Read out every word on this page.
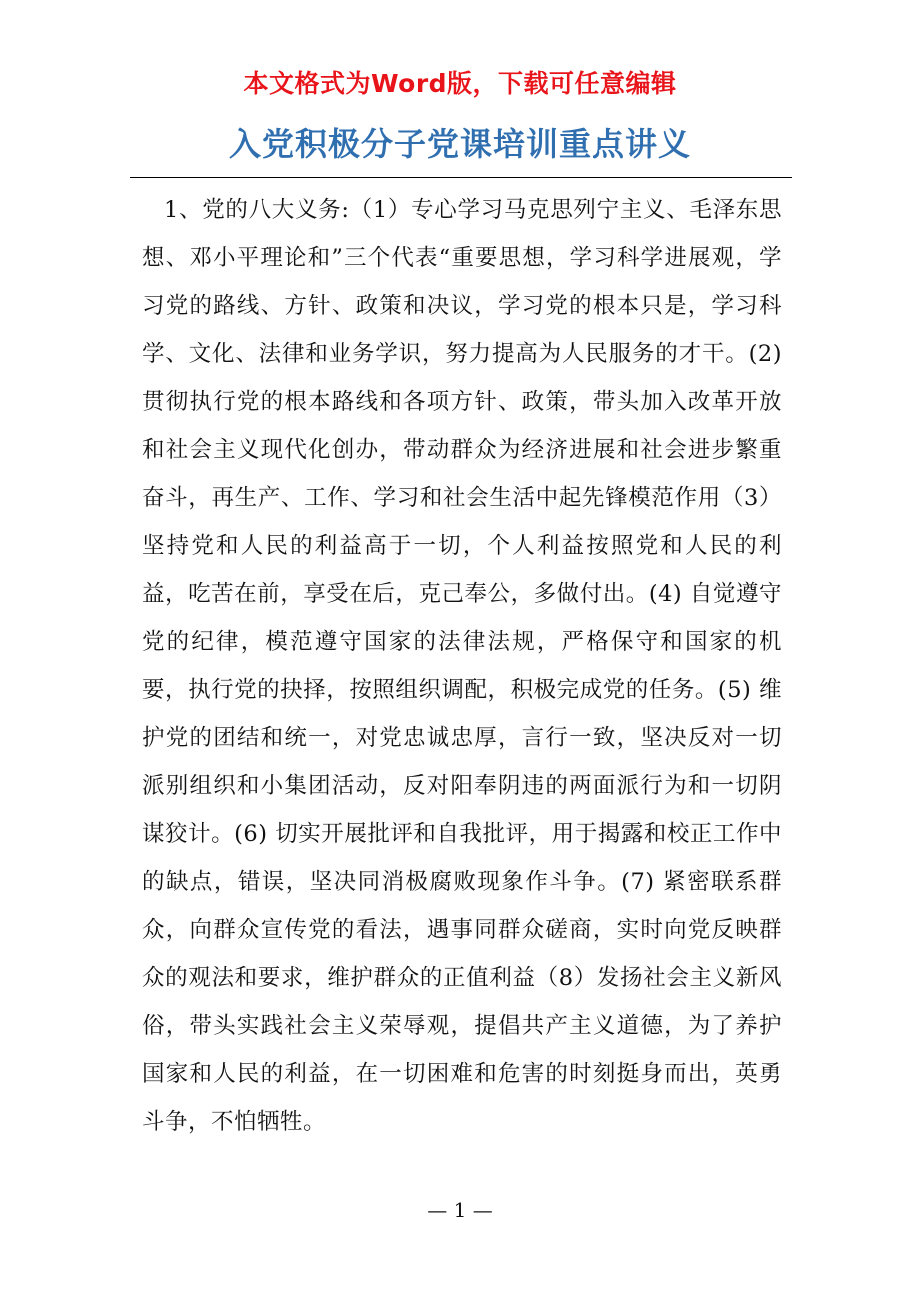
本文格式为Word版，下载可任意编辑
入党积极分子党课培训重点讲义

1、党的八大义务:（1）专心学习马克思列宁主义、毛泽东思想、邓小平理论和”三个代表“重要思想，学习科学进展观，学习党的路线、方针、政策和决议，学习党的根本只是，学习科学、文化、法律和业务学识，努力提高为人民服务的才干。(2) 贯彻执行党的根本路线和各项方针、政策，带头加入改革开放和社会主义现代化创办，带动群众为经济进展和社会进步繁重奋斗，再生产、工作、学习和社会生活中起先锋模范作用（3）坚持党和人民的利益高于一切，个人利益按照党和人民的利益，吃苦在前，享受在后，克己奉公，多做付出。(4) 自觉遵守党的纪律，模范遵守国家的法律法规，严格保守和国家的机要，执行党的抉择，按照组织调配，积极完成党的任务。(5) 维护党的团结和统一，对党忠诚忠厚，言行一致，坚决反对一切派别组织和小集团活动，反对阳奉阴违的两面派行为和一切阴谋狡计。(6) 切实开展批评和自我批评，用于揭露和校正工作中的缺点，错误，坚决同消极腐败现象作斗争。(7) 紧密联系群众，向群众宣传党的看法，遇事同群众磋商，实时向党反映群众的观法和要求，维护群众的正值利益（8）发扬社会主义新风俗，带头实践社会主义荣辱观，提倡共产主义道德，为了养护国家和人民的利益，在一切困难和危害的时刻挺身而出，英勇斗争，不怕牺牲。

— 1 —
